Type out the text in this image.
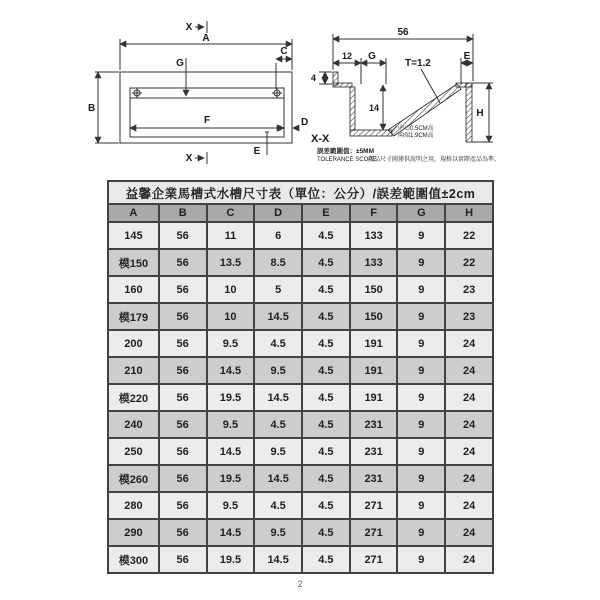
X
A
B
C
D
E
F
G
X
56
12 G	E
4
T=1.2
14	H
中心0.5CM高
兩端1.9CM高
X-X
誤差範圍值：±5MM
TOLERANCE SCOPE
產品尺寸圖僅供說明之用，規格以實際產品為準。
益馨企業馬槽式水槽尺寸表（單位：公分）/誤差範圍值±2cm							
A	B	C	D	E	F	G	H
145	56	11	6	4.5	133	9	22
模150	56	13.5	8.5	4.5	133	9	22
160	56	10	5	4.5	150	9	23
模179	56	10	14.5	4.5	150	9	23
200	56	9.5	4.5	4.5	191	9	24
210	56	14.5	9.5	4.5	191	9	24
模220	56	19.5	14.5	4.5	191	9	24
240	56	9.5	4.5	4.5	231	9	24
250	56	14.5	9.5	4.5	231	9	24
模260	56	19.5	14.5	4.5	231	9	24
280	56	9.5	4.5	4.5	271	9	24
290	56	14.5	9.5	4.5	271	9	24
模300	56	19.5	14.5	4.5	271	9	24
2
